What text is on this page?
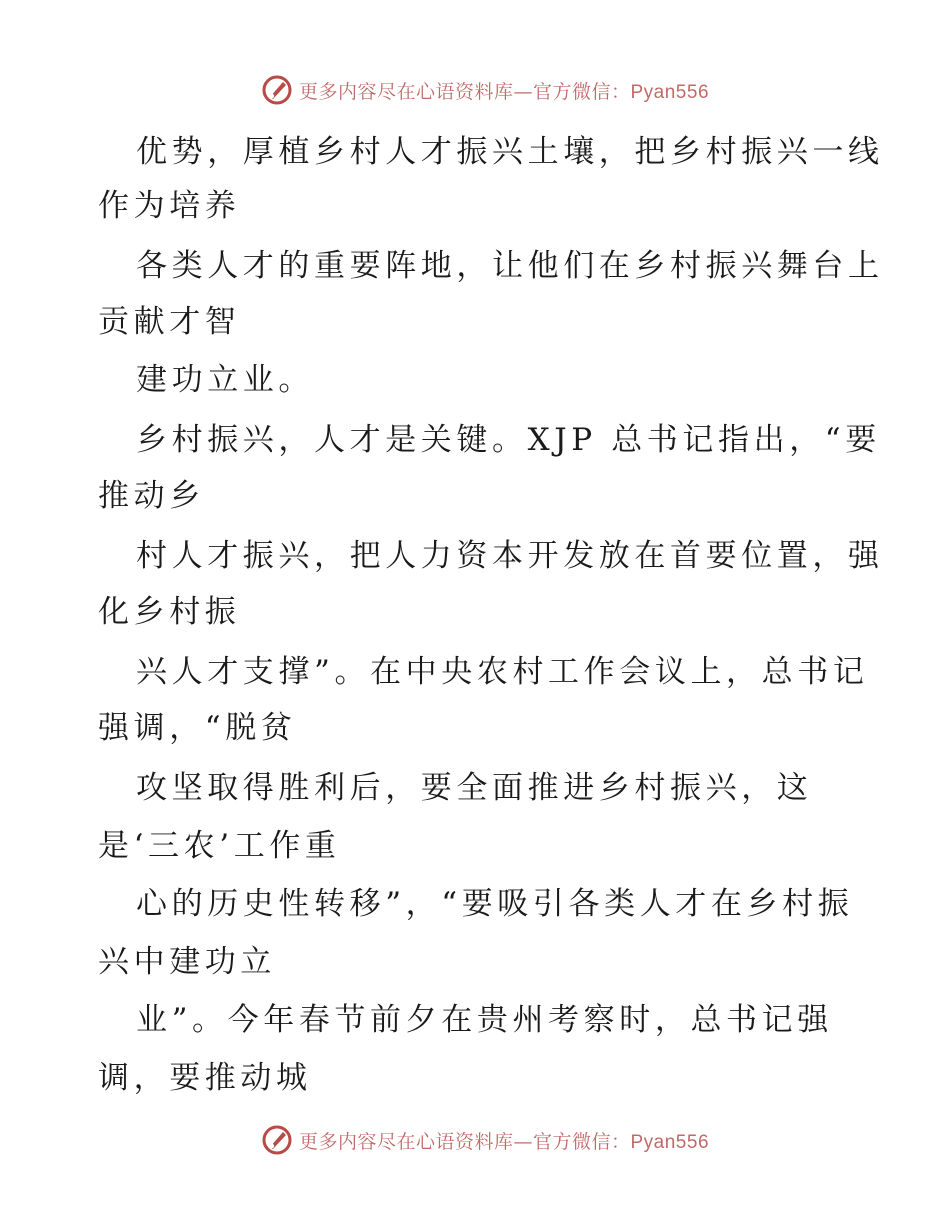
更多内容尽在心语资料库—官方微信：Pyan556
优势，厚植乡村人才振兴土壤，把乡村振兴一线
作为培养
各类人才的重要阵地，让他们在乡村振兴舞台上
贡献才智
建功立业。
乡村振兴，人才是关键。XJP 总书记指出，“要
推动乡
村人才振兴，把人力资本开发放在首要位置，强
化乡村振
兴人才支撑”。在中央农村工作会议上，总书记
强调，“脱贫
攻坚取得胜利后，要全面推进乡村振兴，这
是‘三农’工作重
心的历史性转移”，“要吸引各类人才在乡村振
兴中建功立
业”。今年春节前夕在贵州考察时，总书记强
调，要推动城
更多内容尽在心语资料库—官方微信：Pyan556
